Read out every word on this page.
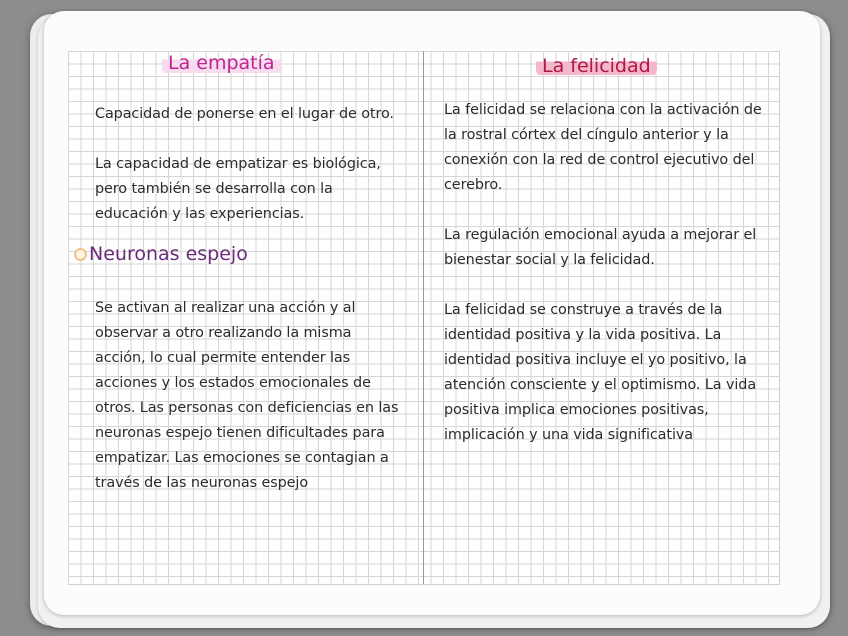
La empatía

Capacidad de ponerse en el lugar de otro.

La capacidad de empatizar es biológica,
pero también se desarrolla con la
educación y las experiencias.

Neuronas espejo

Se activan al realizar una acción y al
observar a otro realizando la misma
acción, lo cual permite entender las
acciones y los estados emocionales de
otros. Las personas con deficiencias en las
neuronas espejo tienen dificultades para
empatizar. Las emociones se contagian a
través de las neuronas espejo

La felicidad

La felicidad se relaciona con la activación de
la rostral córtex del cíngulo anterior y la
conexión con la red de control ejecutivo del
cerebro.

La regulación emocional ayuda a mejorar el
bienestar social y la felicidad.

La felicidad se construye a través de la
identidad positiva y la vida positiva. La
identidad positiva incluye el yo positivo, la
atención consciente y el optimismo. La vida
positiva implica emociones positivas,
implicación y una vida significativa
